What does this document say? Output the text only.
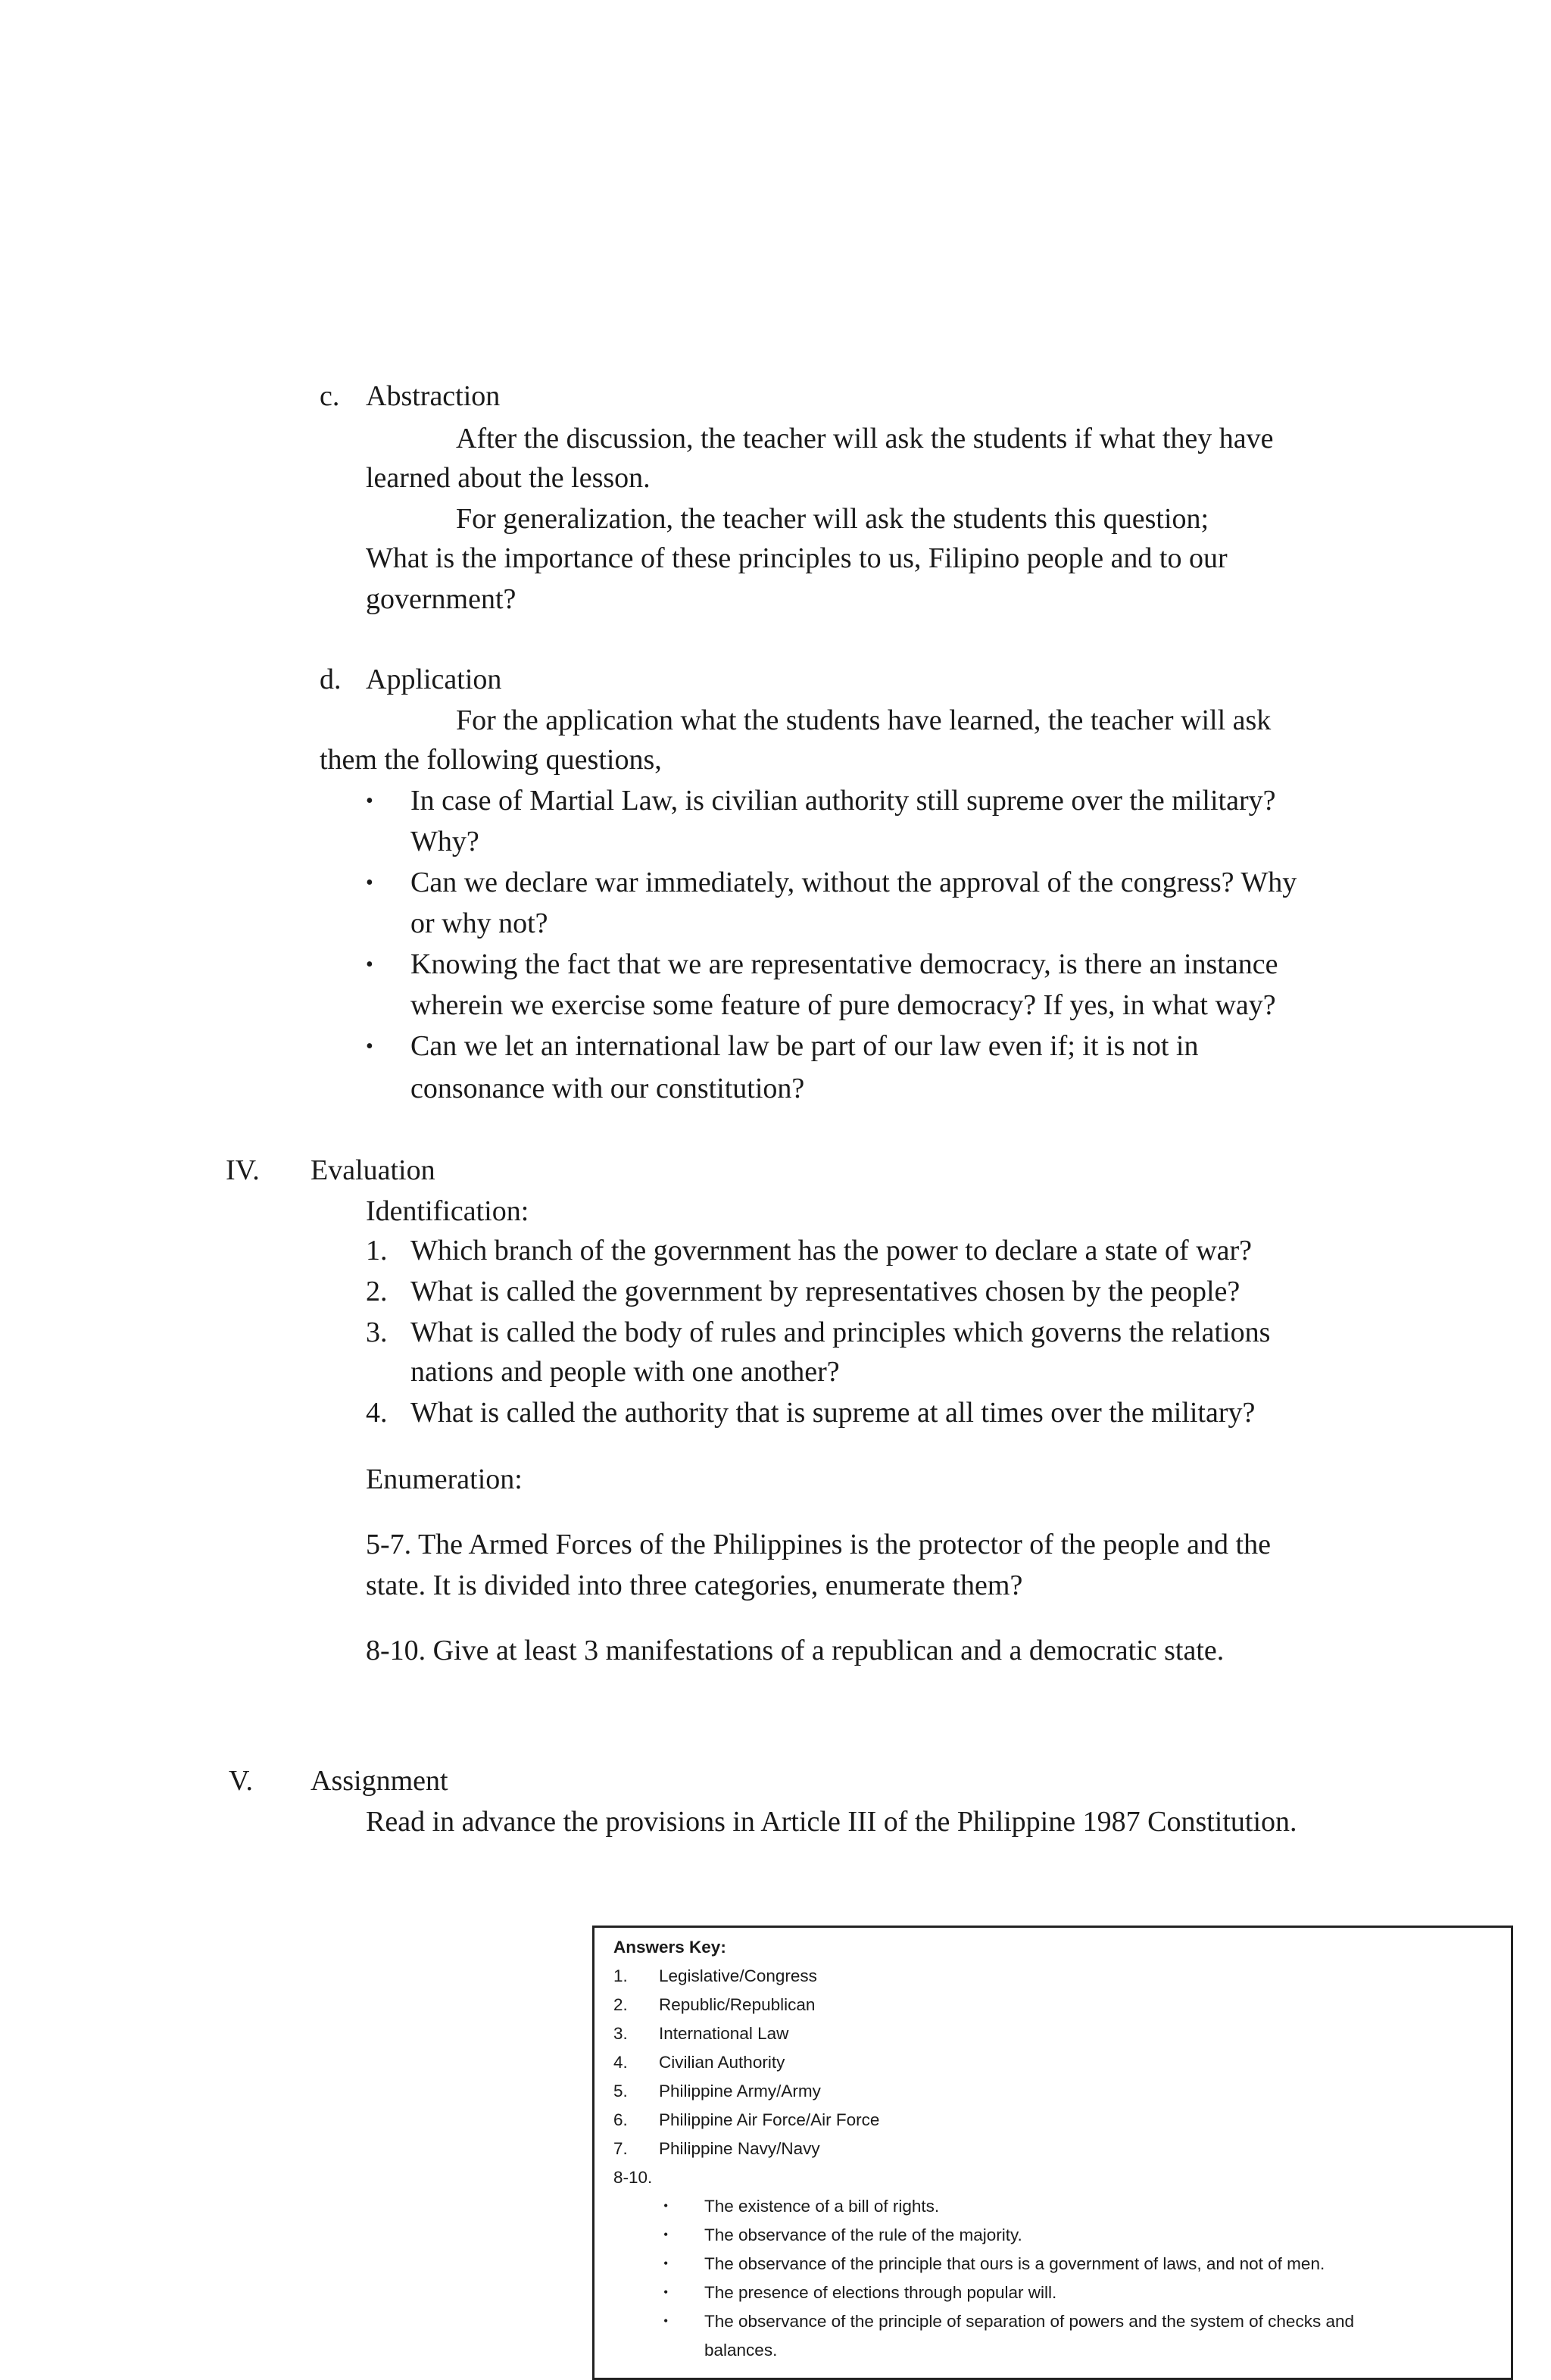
c. Abstraction
After the discussion, the teacher will ask the students if what they have
learned about the lesson.
For generalization, the teacher will ask the students this question;
What is the importance of these principles to us, Filipino people and to our
government?
d. Application
For the application what the students have learned, the teacher will ask
them the following questions,
• In case of Martial Law, is civilian authority still supreme over the military?
Why?
• Can we declare war immediately, without the approval of the congress? Why
or why not?
• Knowing the fact that we are representative democracy, is there an instance
wherein we exercise some feature of pure democracy? If yes, in what way?
• Can we let an international law be part of our law even if; it is not in
consonance with our constitution?
IV. Evaluation
Identification:
1. Which branch of the government has the power to declare a state of war?
2. What is called the government by representatives chosen by the people?
3. What is called the body of rules and principles which governs the relations
nations and people with one another?
4. What is called the authority that is supreme at all times over the military?
Enumeration:
5-7. The Armed Forces of the Philippines is the protector of the people and the
state. It is divided into three categories, enumerate them?
8-10. Give at least 3 manifestations of a republican and a democratic state.
V. Assignment
Read in advance the provisions in Article III of the Philippine 1987 Constitution.
Answers Key:
1. Legislative/Congress
2. Republic/Republican
3. International Law
4. Civilian Authority
5. Philippine Army/Army
6. Philippine Air Force/Air Force
7. Philippine Navy/Navy
8-10.
• The existence of a bill of rights.
• The observance of the rule of the majority.
• The observance of the principle that ours is a government of laws, and not of men.
• The presence of elections through popular will.
• The observance of the principle of separation of powers and the system of checks and
balances.
